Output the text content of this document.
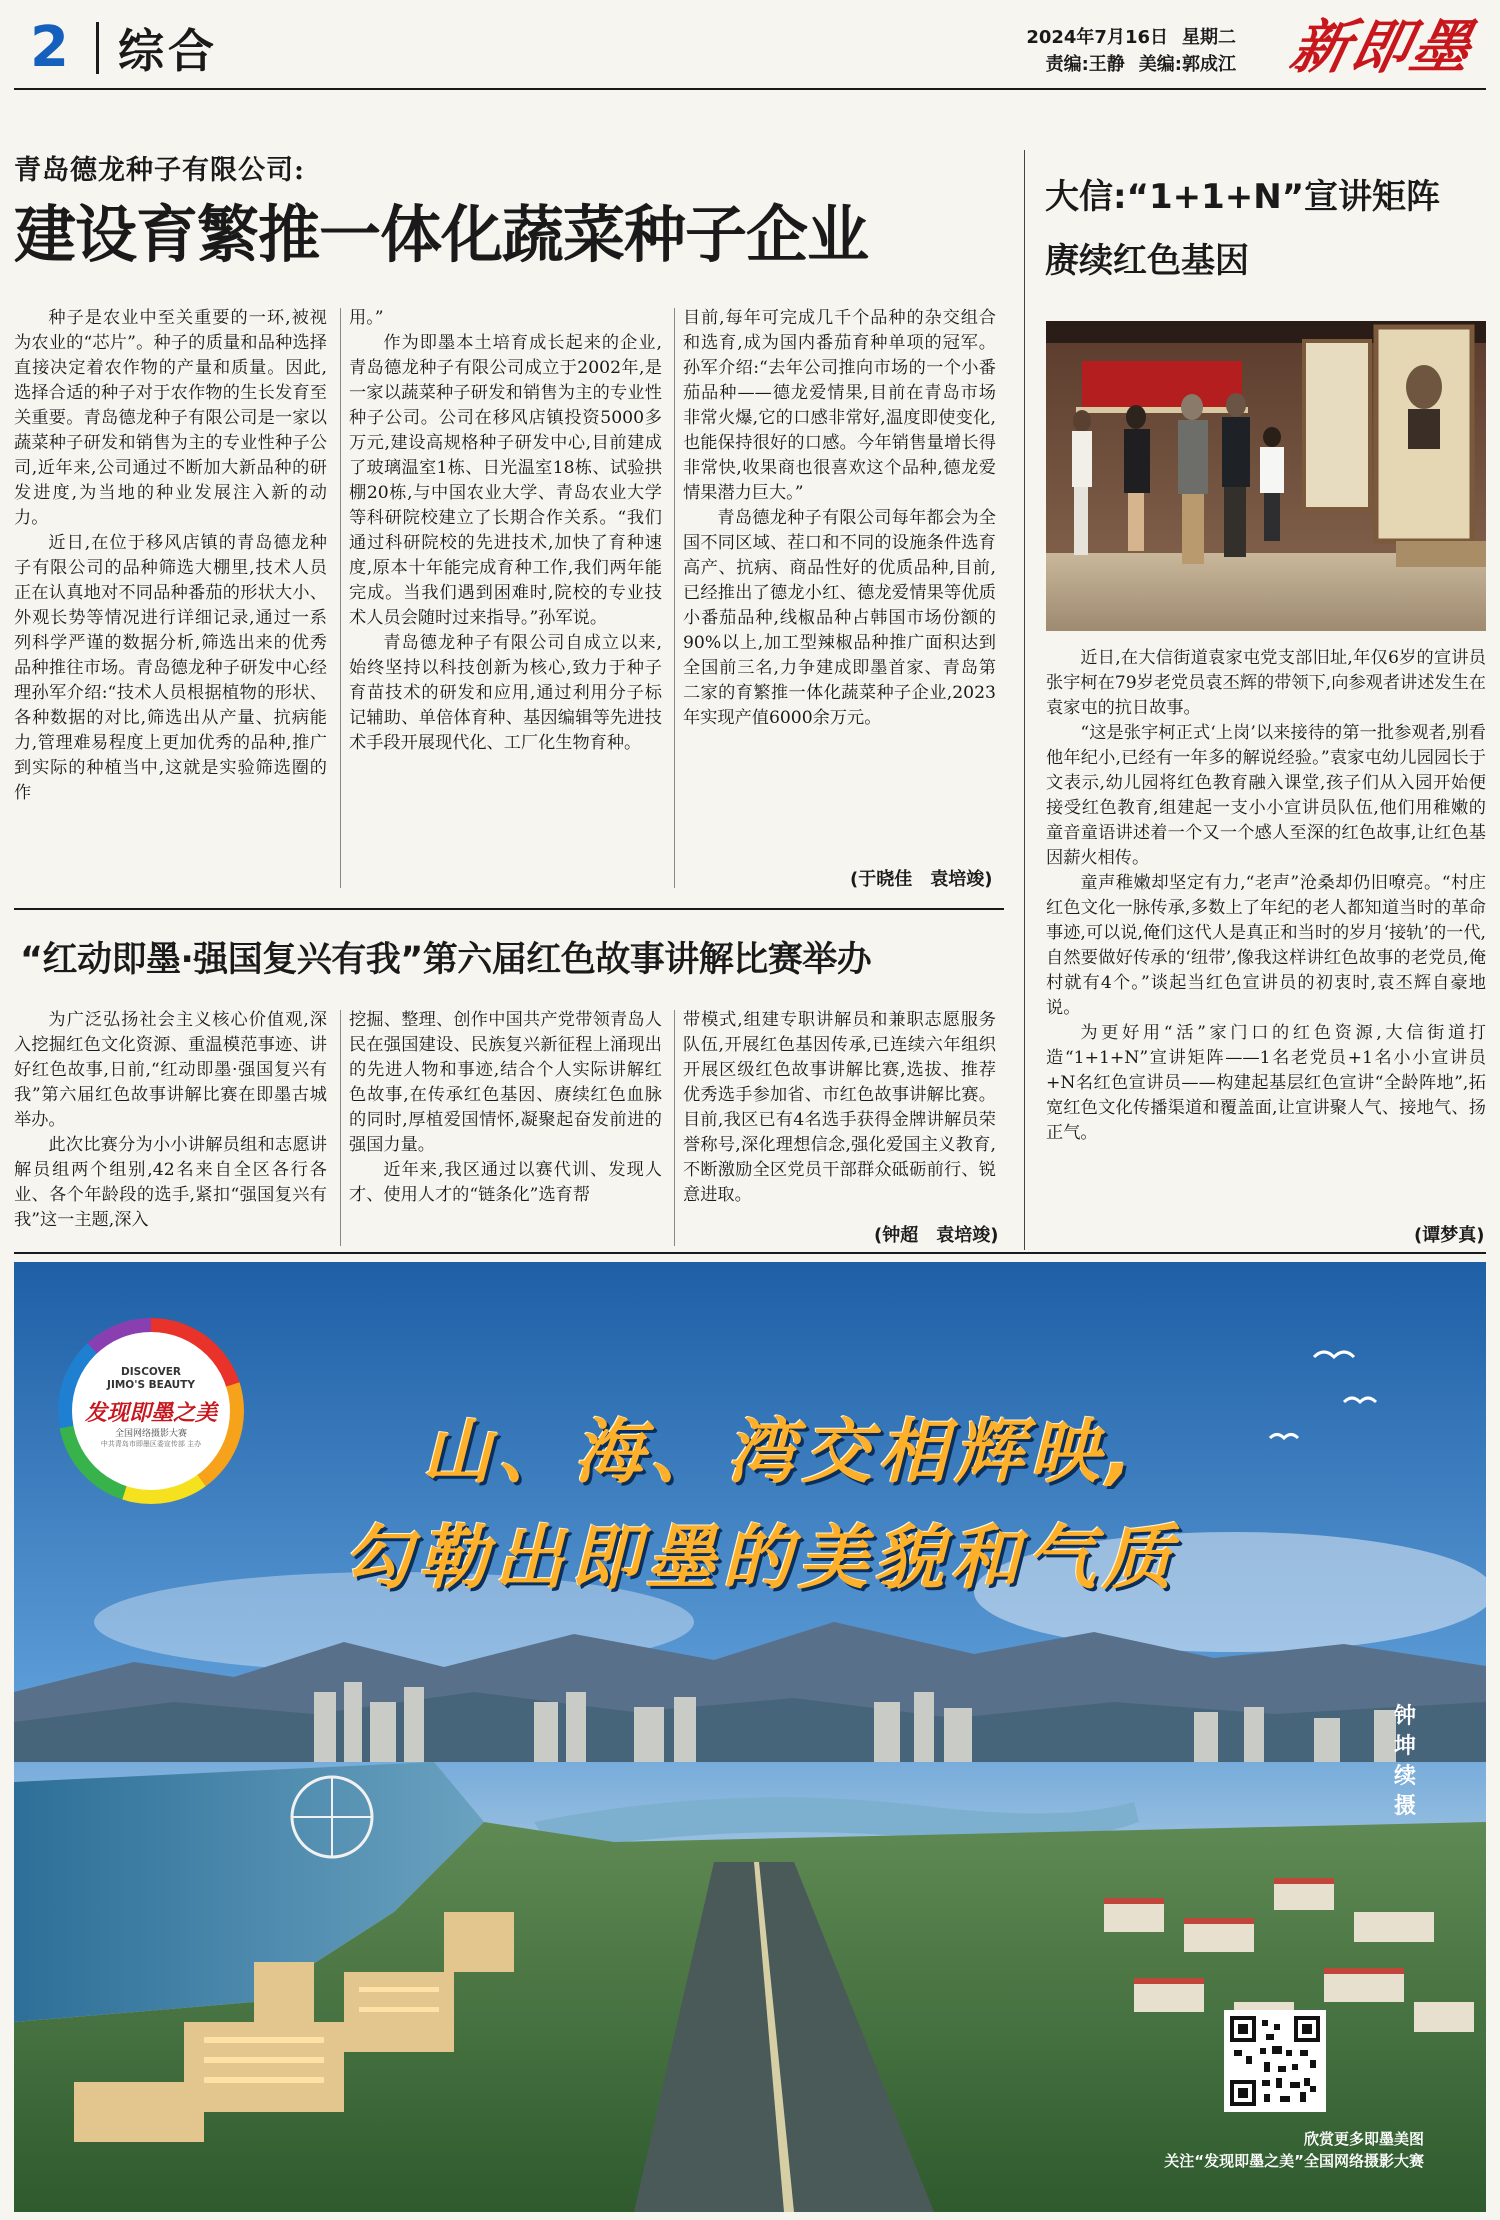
2 综合	2024年7月16日 星期二
责编:王静 美编:郭成江 新即墨
青岛德龙种子有限公司:
建设育繁推一体化蔬菜种子企业

种子是农业中至关重要的一环,被视为农业的“芯片”。种子的质量和品种选择直接决定着农作物的产量和质量。因此,选择合适的种子对于农作物的生长发育至关重要。青岛德龙种子有限公司是一家以蔬菜种子研发和销售为主的专业性种子公司,近年来,公司通过不断加大新品种的研发进度,为当地的种业发展注入新的动力。

近日,在位于移风店镇的青岛德龙种子有限公司的品种筛选大棚里,技术人员正在认真地对不同品种番茄的形状大小、外观长势等情况进行详细记录,通过一系列科学严谨的数据分析,筛选出来的优秀品种推往市场。青岛德龙种子研发中心经理孙军介绍:“技术人员根据植物的形状、各种数据的对比,筛选出从产量、抗病能力,管理难易程度上更加优秀的品种,推广到实际的种植当中,这就是实验筛选圈的作

用。”

作为即墨本土培育成长起来的企业,青岛德龙种子有限公司成立于2002年,是一家以蔬菜种子研发和销售为主的专业性种子公司。公司在移风店镇投资5000多万元,建设高规格种子研发中心,目前建成了玻璃温室1栋、日光温室18栋、试验拱棚20栋,与中国农业大学、青岛农业大学等科研院校建立了长期合作关系。“我们通过科研院校的先进技术,加快了育种速度,原本十年能完成育种工作,我们两年能完成。当我们遇到困难时,院校的专业技术人员会随时过来指导。”孙军说。

青岛德龙种子有限公司自成立以来,始终坚持以科技创新为核心,致力于种子育苗技术的研发和应用,通过利用分子标记辅助、单倍体育种、基因编辑等先进技术手段开展现代化、工厂化生物育种。

目前,每年可完成几千个品种的杂交组合和选育,成为国内番茄育种单项的冠军。孙军介绍:“去年公司推向市场的一个小番茄品种——德龙爱情果,目前在青岛市场非常火爆,它的口感非常好,温度即使变化,也能保持很好的口感。今年销售量增长得非常快,收果商也很喜欢这个品种,德龙爱情果潜力巨大。”

青岛德龙种子有限公司每年都会为全国不同区域、茬口和不同的设施条件选育高产、抗病、商品性好的优质品种,目前,已经推出了德龙小红、德龙爱情果等优质小番茄品种,线椒品种占韩国市场份额的90%以上,加工型辣椒品种推广面积达到全国前三名,力争建成即墨首家、青岛第二家的育繁推一体化蔬菜种子企业,2023年实现产值6000余万元。

(于晓佳 袁培竣)
“红动即墨·强国复兴有我”第六届红色故事讲解比赛举办

为广泛弘扬社会主义核心价值观,深入挖掘红色文化资源、重温模范事迹、讲好红色故事,日前,“红动即墨·强国复兴有我”第六届红色故事讲解比赛在即墨古城举办。

此次比赛分为小小讲解员组和志愿讲解员组两个组别,42名来自全区各行各业、各个年龄段的选手,紧扣“强国复兴有我”这一主题,深入

挖掘、整理、创作中国共产党带领青岛人民在强国建设、民族复兴新征程上涌现出的先进人物和事迹,结合个人实际讲解红色故事,在传承红色基因、赓续红色血脉的同时,厚植爱国情怀,凝聚起奋发前进的强国力量。

近年来,我区通过以赛代训、发现人才、使用人才的“链条化”选育帮

带模式,组建专职讲解员和兼职志愿服务队伍,开展红色基因传承,已连续六年组织开展区级红色故事讲解比赛,选拔、推荐优秀选手参加省、市红色故事讲解比赛。目前,我区已有4名选手获得金牌讲解员荣誉称号,深化理想信念,强化爱国主义教育,不断激励全区党员干部群众砥砺前行、锐意进取。

(钟超 袁培竣)
大信:“1+1+N”宣讲矩阵
赓续红色基因

近日,在大信街道袁家屯党支部旧址,年仅6岁的宣讲员张宇柯在79岁老党员袁丕辉的带领下,向参观者讲述发生在袁家屯的抗日故事。

“这是张宇柯正式‘上岗’以来接待的第一批参观者,别看他年纪小,已经有一年多的解说经验。”袁家屯幼儿园园长于文表示,幼儿园将红色教育融入课堂,孩子们从入园开始便接受红色教育,组建起一支小小宣讲员队伍,他们用稚嫩的童音童语讲述着一个又一个感人至深的红色故事,让红色基因薪火相传。

童声稚嫩却坚定有力,“老声”沧桑却仍旧嘹亮。“村庄红色文化一脉传承,多数上了年纪的老人都知道当时的革命事迹,可以说,俺们这代人是真正和当时的岁月‘接轨’的一代,自然要做好传承的‘纽带’,像我这样讲红色故事的老党员,俺村就有4个。”谈起当红色宣讲员的初衷时,袁丕辉自豪地说。

为更好用“活”家门口的红色资源,大信街道打造“1+1+N”宣讲矩阵——1名老党员+1名小小宣讲员+N名红色宣讲员——构建起基层红色宣讲“全龄阵地”,拓宽红色文化传播渠道和覆盖面,让宣讲聚人气、接地气、扬正气。

(谭梦真)
DISCOVER
JIMO'S BEAUTY
发现即墨之美
全国网络摄影大赛
中共青岛市即墨区委宣传部 主办	山、海、湾交相辉映,
勾勒出即墨的美貌和气质
钟坤续摄
欣赏更多即墨美图
关注“发现即墨之美”全国网络摄影大赛
